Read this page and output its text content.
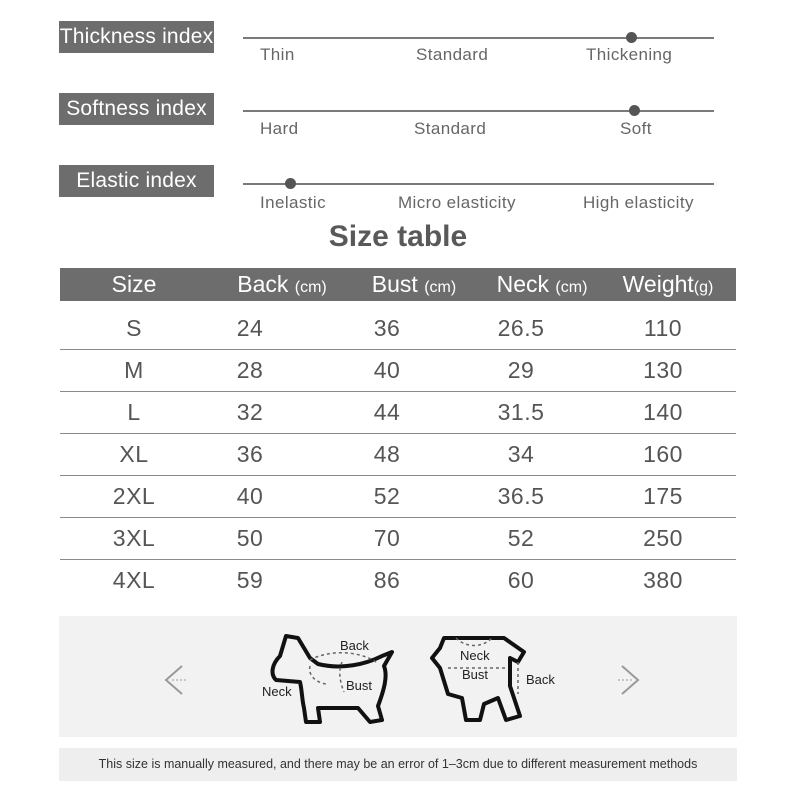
Thickness index
Thin	Standard	Thickening
Softness index
Hard	Standard	Soft
Elastic index
Inelastic	Micro elasticity	High elasticity
Size table
Size	Back (cm)	Bust (cm)	Neck (cm)	Weight(g)
S	24	36	26.5	110
M	28	40	29	130
L	32	44	31.5	140
XL	36	48	34	160
2XL	40	52	36.5	175
3XL	50	70	52	250
4XL	59	86	60	380
Back
Neck	Bust
Neck
Bust	Back
This size is manually measured, and there may be an error of 1–3cm due to different measurement methods
